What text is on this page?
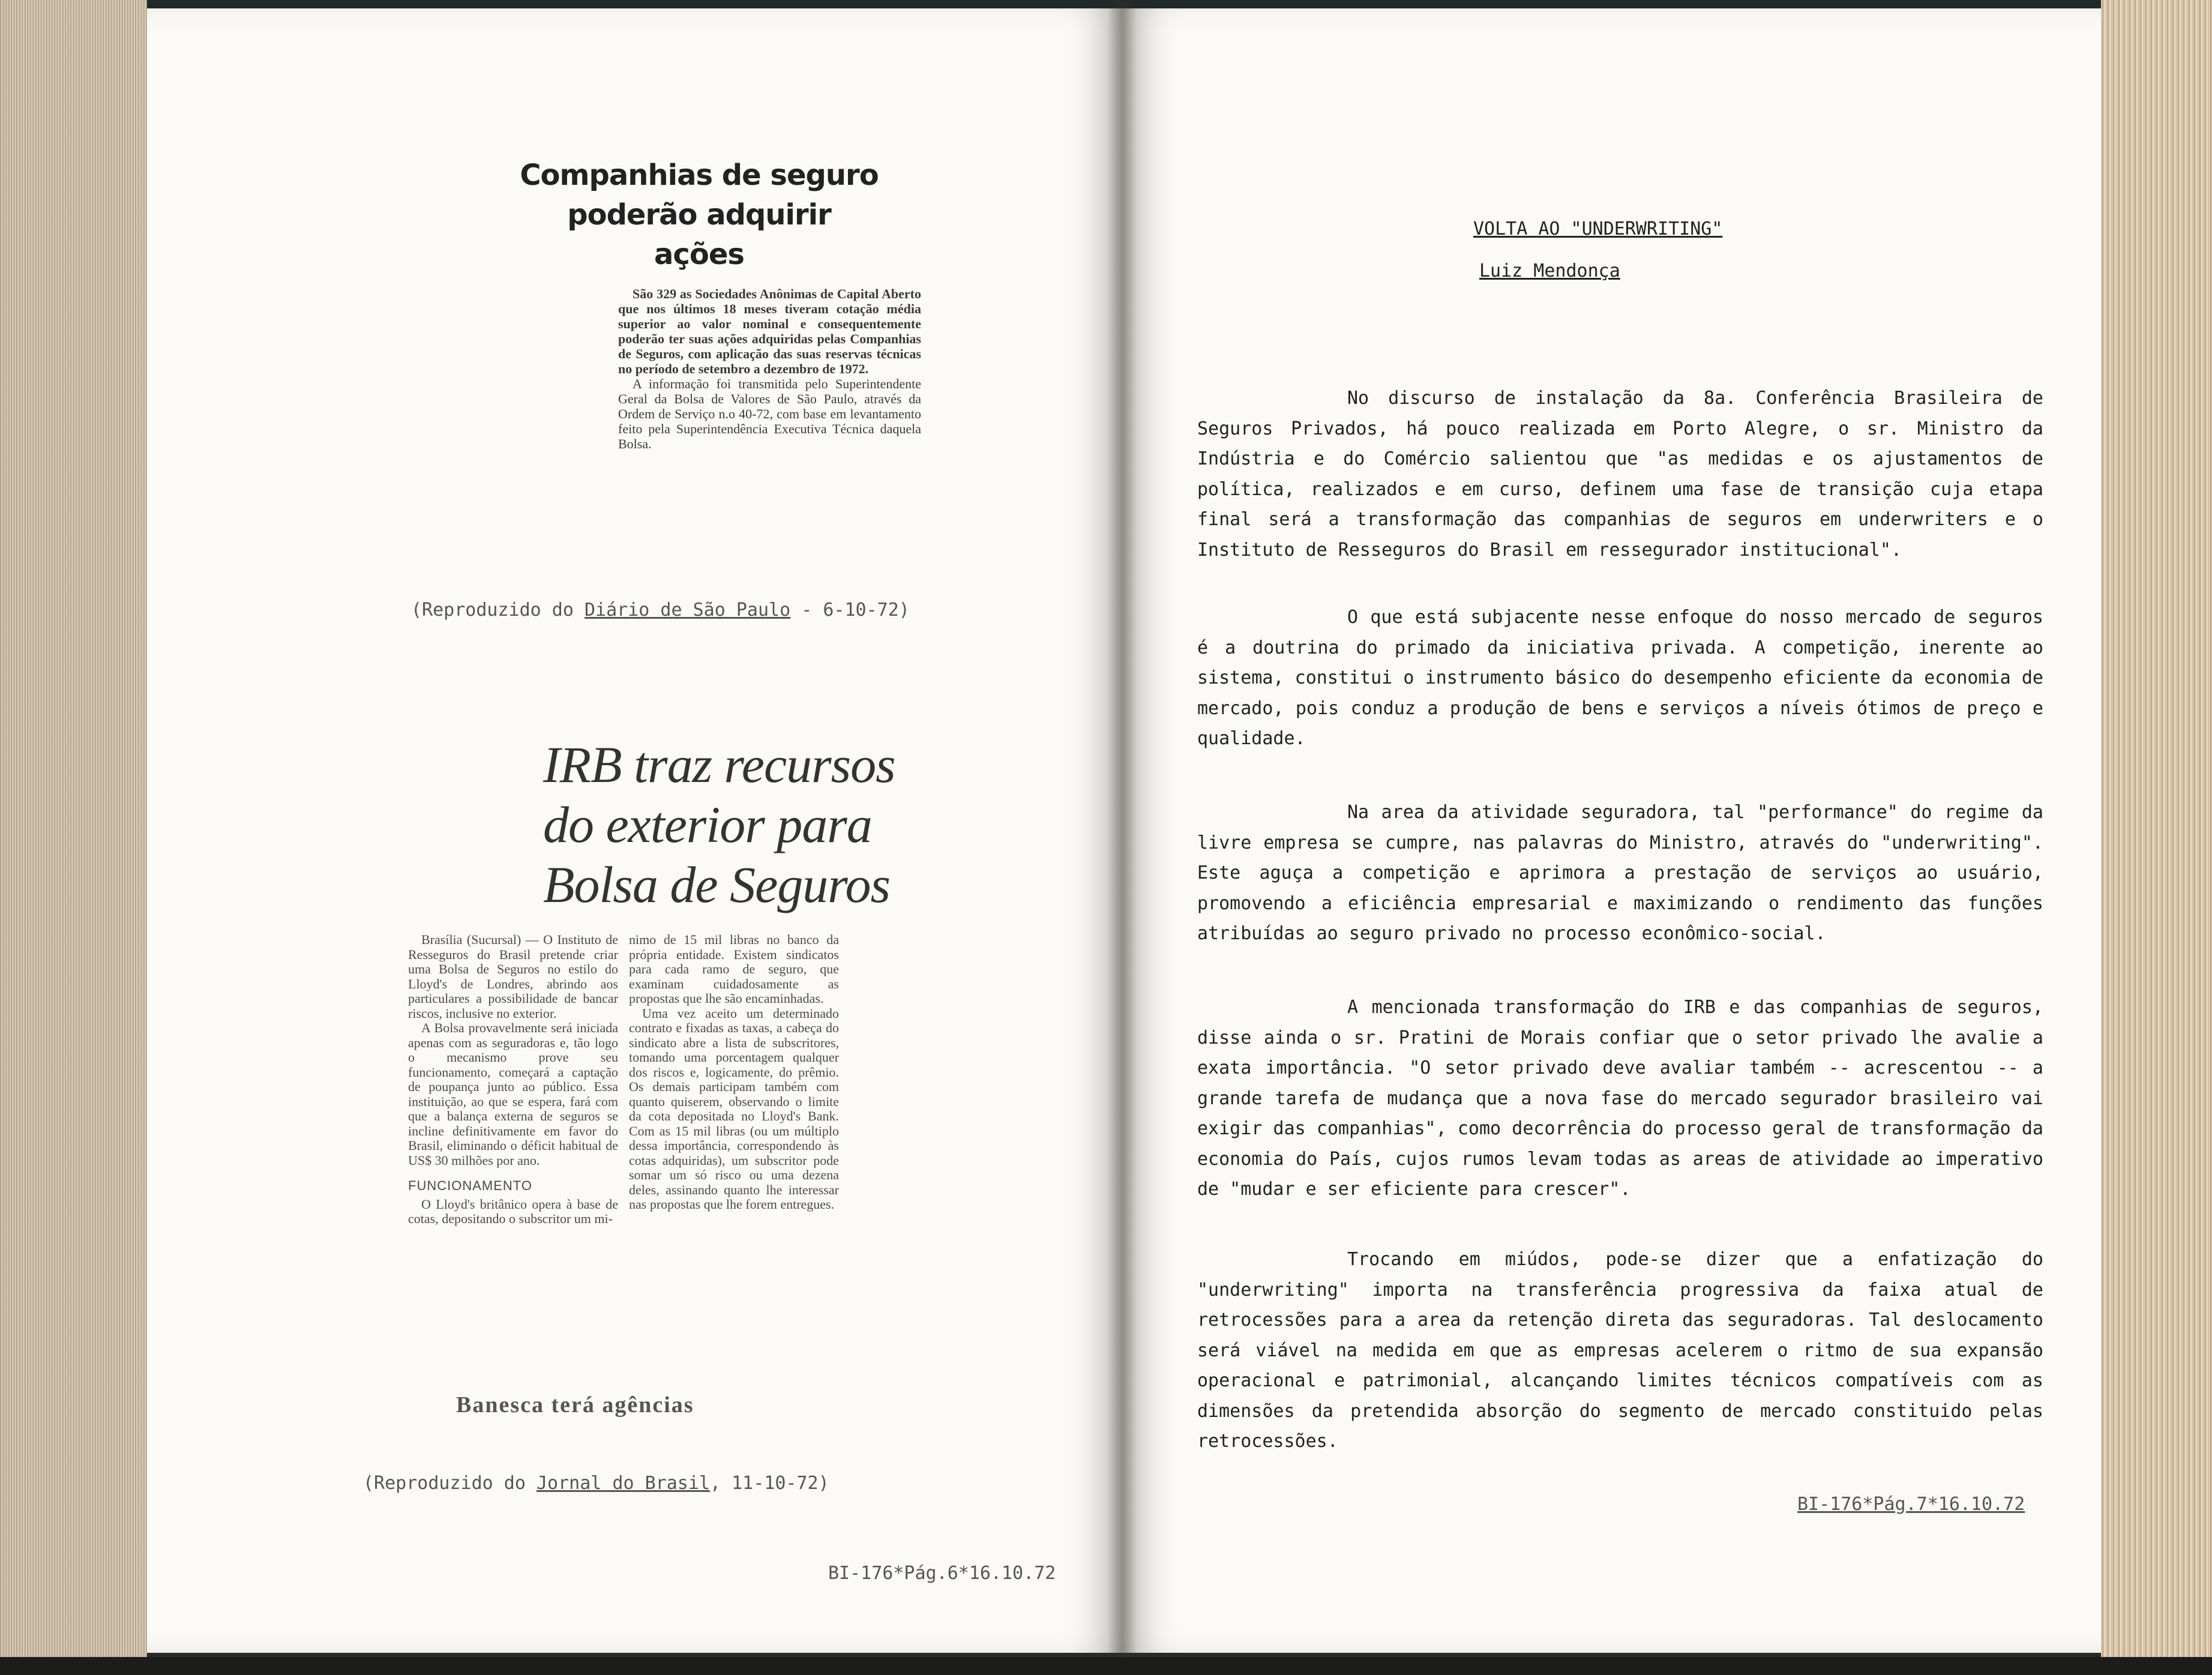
Companhias de seguro

poderão adquirir

ações

São 329 as Sociedades Anônimas de Capital Aberto que nos últimos 18 meses tiveram cotação média superior ao valor nominal e consequentemente poderão ter suas ações adquiridas pelas Companhias de Seguros, com aplicação das suas reservas técnicas no período de setembro a dezembro de 1972.

A informação foi transmitida pelo Superintendente Geral da Bolsa de Valores de São Paulo, através da Ordem de Serviço n.o 40-72, com base em levantamento feito pela Superintendência Executiva Técnica daquela Bolsa.

(Reproduzido do Diário de São Paulo - 6-10-72)

IRB traz recursos

do exterior para

Bolsa de Seguros

Brasília (Sucursal) — O Instituto de Resseguros do Brasil pretende criar uma Bolsa de Seguros no estilo do Lloyd's de Londres, abrindo aos particulares a possibilidade de bancar riscos, inclusive no exterior.

A Bolsa provavelmente será iniciada apenas com as seguradoras e, tão logo o mecanismo prove seu funcionamento, começará a captação de poupança junto ao público. Essa instituição, ao que se espera, fará com que a balança externa de seguros se incline definitivamente em favor do Brasil, eliminando o déficit habitual de US$ 30 milhões por ano.

FUNCIONAMENTO

O Lloyd's britânico opera à base de cotas, depositando o subscritor um mi-

nimo de 15 mil libras no banco da própria entidade. Existem sindicatos para cada ramo de seguro, que examinam cuidadosamente as propostas que lhe são encaminhadas.

Uma vez aceito um determinado contrato e fixadas as taxas, a cabeça do sindicato abre a lista de subscritores, tomando uma porcentagem qualquer dos riscos e, logicamente, do prêmio. Os demais participam também com quanto quiserem, observando o limite da cota depositada no Lloyd's Bank. Com as 15 mil libras (ou um múltiplo dessa importância, correspondendo às cotas adquiridas), um subscritor pode somar um só risco ou uma dezena deles, assinando quanto lhe interessar nas propostas que lhe forem entregues.

Banesca terá agências
(Reproduzido do Jornal do Brasil, 11-10-72)
BI-176*Pág.6*16.10.72
VOLTA AO "UNDERWRITING"
Luiz Mendonça

No discurso de instalação da 8a. Conferência Brasileira de Seguros Privados, há pouco realizada em Porto Alegre, o sr. Ministro da Indústria e do Comércio salientou que "as medidas e os ajustamentos de política, realizados e em curso, definem uma fase de transição cuja etapa final será a transformação das companhias de seguros em underwriters e o Instituto de Resseguros do Brasil em ressegurador institucional".

O que está subjacente nesse enfoque do nosso mercado de seguros é a doutrina do primado da iniciativa privada. A competição, inerente ao sistema, constitui o instrumento básico do desempenho eficiente da economia de mercado, pois conduz a produção de bens e serviços a níveis ótimos de preço e qualidade.

Na area da atividade seguradora, tal "performance" do regime da livre empresa se cumpre, nas palavras do Ministro, através do "underwriting". Este aguça a competição e aprimora a prestação de serviços ao usuário, promovendo a eficiência empresarial e maximizando o rendimento das funções atribuídas ao seguro privado no processo econômico-social.

A mencionada transformação do IRB e das companhias de seguros, disse ainda o sr. Pratini de Morais confiar que o setor privado lhe avalie a exata importância. "O setor privado deve avaliar também -- acrescentou -- a grande tarefa de mudança que a nova fase do mercado segurador brasileiro vai exigir das companhias", como decorrência do processo geral de transformação da economia do País, cujos rumos levam todas as areas de atividade ao imperativo de "mudar e ser eficiente para crescer".

Trocando em miúdos, pode-se dizer que a enfatização do "underwriting" importa na transferência progressiva da faixa atual de retrocessões para a area da retenção direta das seguradoras. Tal deslocamento será viável na medida em que as empresas acelerem o ritmo de sua expansão operacional e patrimonial, alcançando limites técnicos compatíveis com as dimensões da pretendida absorção do segmento de mercado constituido pelas retrocessões.

BI-176*Pág.7*16.10.72
